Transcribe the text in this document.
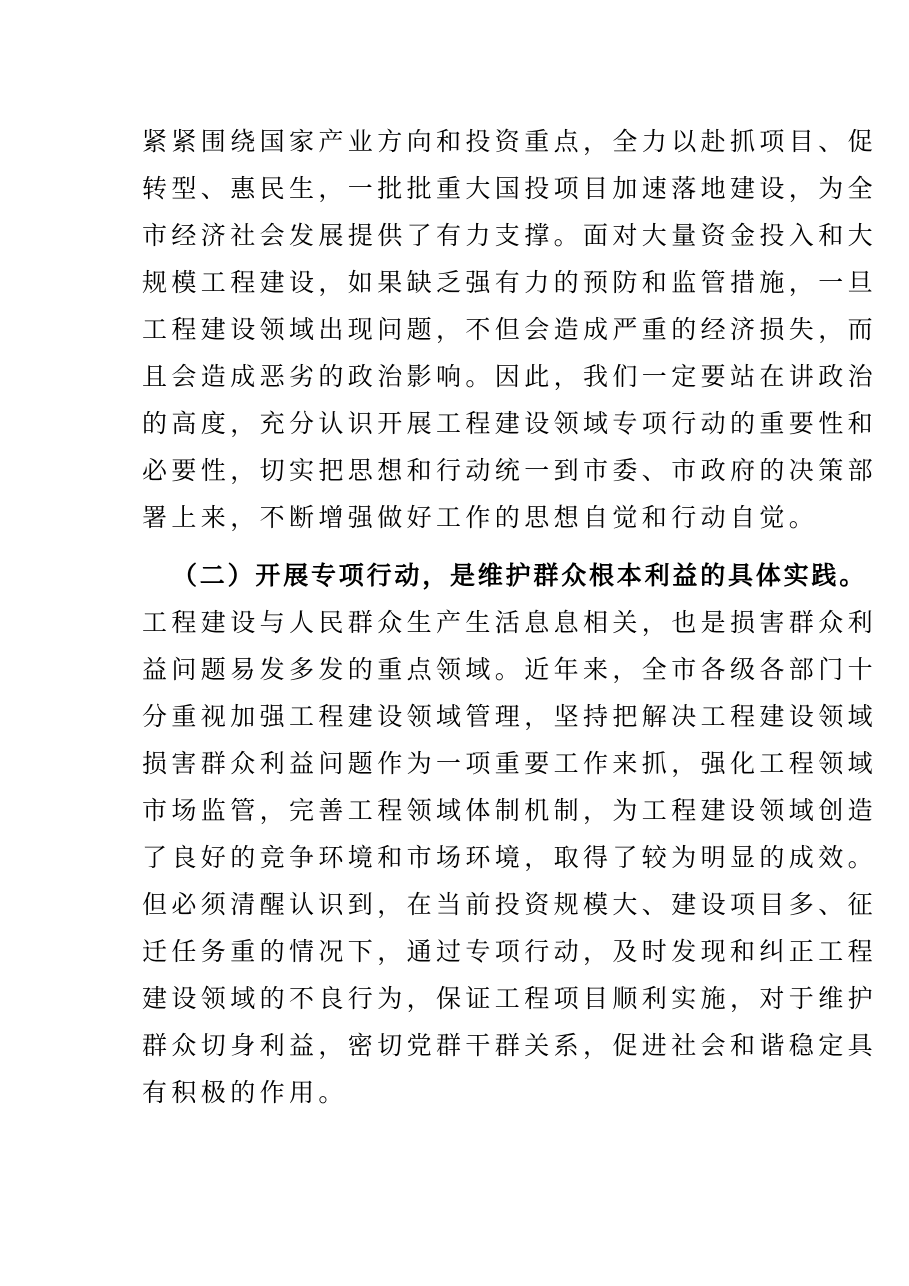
紧紧围绕国家产业方向和投资重点，全力以赴抓项目、促

转型、惠民生，一批批重大国投项目加速落地建设，为全

市经济社会发展提供了有力支撑。面对大量资金投入和大

规模工程建设，如果缺乏强有力的预防和监管措施，一旦

工程建设领域出现问题，不但会造成严重的经济损失，而

且会造成恶劣的政治影响。因此，我们一定要站在讲政治

的高度，充分认识开展工程建设领域专项行动的重要性和

必要性，切实把思想和行动统一到市委、市政府的决策部

署上来，不断增强做好工作的思想自觉和行动自觉。

（二）开展专项行动，是维护群众根本利益的具体实践。

工程建设与人民群众生产生活息息相关，也是损害群众利

益问题易发多发的重点领域。近年来，全市各级各部门十

分重视加强工程建设领域管理，坚持把解决工程建设领域

损害群众利益问题作为一项重要工作来抓，强化工程领域

市场监管，完善工程领域体制机制，为工程建设领域创造

了良好的竞争环境和市场环境，取得了较为明显的成效。

但必须清醒认识到，在当前投资规模大、建设项目多、征

迁任务重的情况下，通过专项行动，及时发现和纠正工程

建设领域的不良行为，保证工程项目顺利实施，对于维护

群众切身利益，密切党群干群关系，促进社会和谐稳定具

有积极的作用。
